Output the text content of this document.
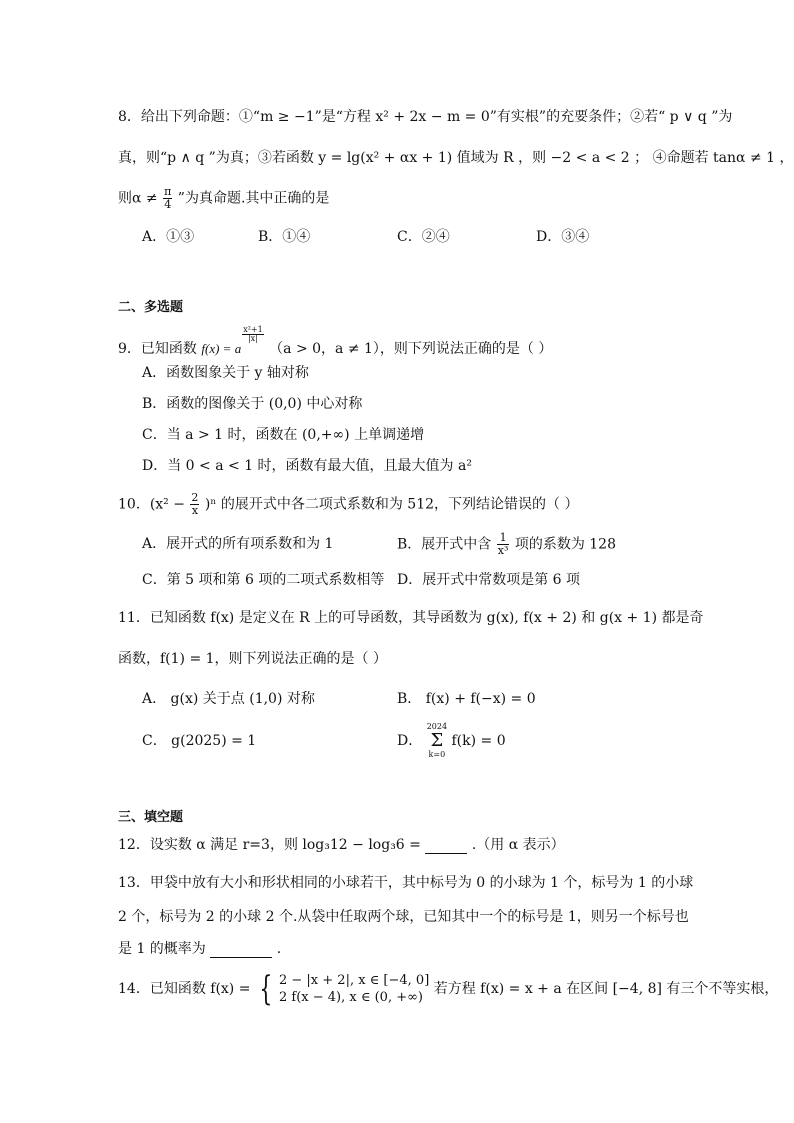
8．给出下列命题：①“m ≥ −1”是“方程 x² + 2x − m = 0”有实根”的充要条件；②若“ p ∨ q ”为
真，则“p ∧ q ”为真；③若函数 y = lg(x² + αx + 1) 值域为 R ，则 −2 < a < 2 ； ④命题若 tanα ≠ 1 ，
则$\alpha \ne \frac{\pi}{4}$ ”为真命题.其中正确的是
A．①③	B．①④	C．②④	D．③④
二、多选题
9．已知函数 f(x) = a
$\frac{\text{x²+1}}{|x|}$
（a > 0，a ≠ 1），则下列说法正确的是（ ）
A．函数图象关于 y 轴对称
B．函数的图像关于 (0,0) 中心对称
C．当 a > 1 时，函数在 (0,+∞) 上单调递增
D．当 0 < a < 1 时，函数有最大值，且最大值为 a²
10．$(x^2 - \frac{2}{x} )^n$ 的展开式中各二项式系数和为 512，下列结论错误的（ ）
A．展开式的所有项系数和为 1	B．展开式中含 $\frac{1}{\text{x³}}$ 项的系数为 128
C．第 5 项和第 6 项的二项式系数相等 D．展开式中常数项是第 6 项
11．已知函数 f(x) 是定义在 R 上的可导函数，其导函数为 g(x), f(x + 2) 和 g(x + 1) 都是奇
函数，f(1) = 1，则下列说法正确的是（ ）
A． g(x) 关于点 (1,0) 对称	B． f(x) + f(−x) = 0
C． g(2025) = 1	D．
2024
Σ
k=0
f(k) = 0
三、填空题
12．设实数 α 满足 r=3，则 log₃12 − log₃6 =	.（用 α 表示）
13．甲袋中放有大小和形状相同的小球若干，其中标号为 0 的小球为 1 个，标号为 1 的小球
2 个，标号为 2 的小球 2 个.从袋中任取两个球，已知其中一个的标号是 1，则另一个标号也
是 1 的概率为	.
14．已知函数 f(x) = { 2 − |x + 2|, x ∈ [−4, 0]
2 f(x − 4), x ∈ (0, +∞)
若方程 f(x) = x + a 在区间 [−4, 8] 有三个不等实根，
